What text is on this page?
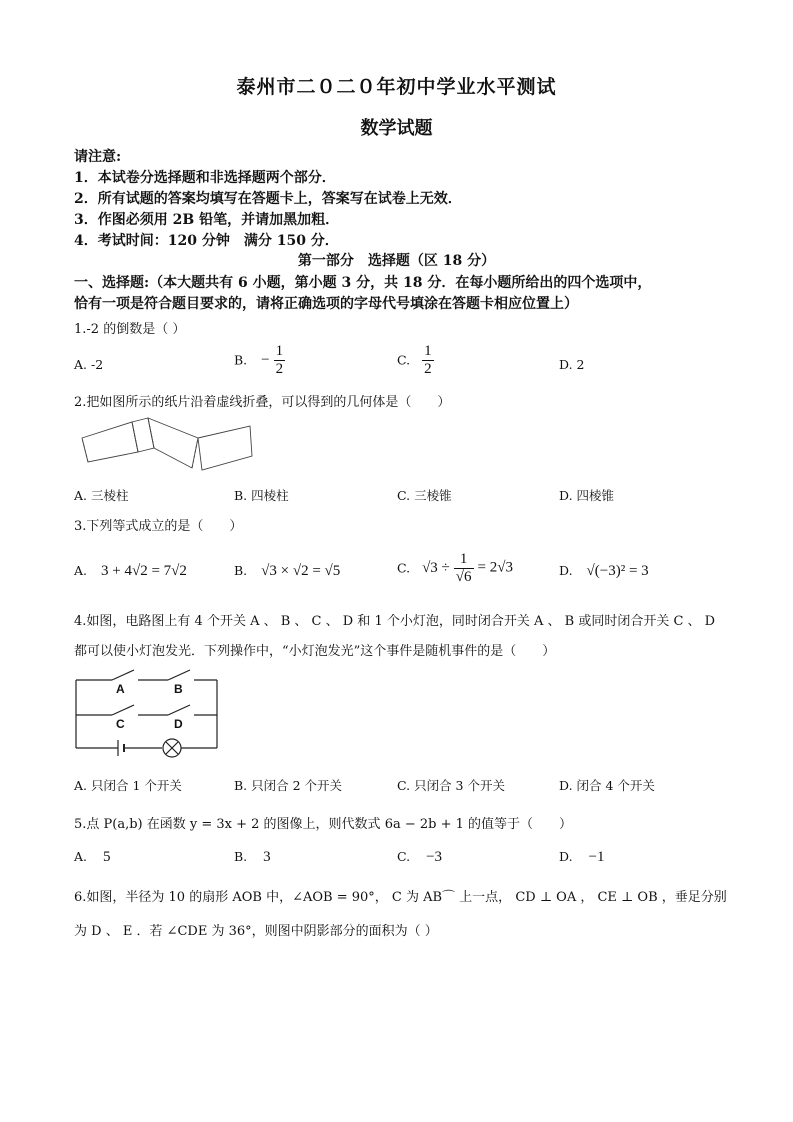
泰州市二０二０年初中学业水平测试
数学试题
请注意:
1．本试卷分选择题和非选择题两个部分．
2．所有试题的答案均填写在答题卡上，答案写在试卷上无效．
3．作图必须用 2B 铅笔，并请加黑加粗．
4．考试时间：120 分钟　满分 150 分．
第一部分　选择题（区 18 分）
一、选择题:（本大题共有 6 小题，第小题 3 分，共 18 分．在每小题所给出的四个选项中，
恰有一项是符合题目要求的，请将正确选项的字母代号填涂在答题卡相应位置上）
1.-2 的倒数是（ ）
A. -2	B. − $\frac{1}{2}$	C. $\frac{1}{2}$	D. 2
2.把如图所示的纸片沿着虚线折叠，可以得到的几何体是（　　）
A. 三棱柱	B. 四棱柱	C. 三棱锥	D. 四棱锥
3.下列等式成立的是（　　）
A. 3 + 4√2 = 7√2	B. √3 × √2 = √5	C. $√3 \div \frac{1}{√6} = 2√3$	D. √(−3)² = 3
4.如图，电路图上有 4 个开关 A 、 B 、 C 、 D 和 1 个小灯泡，同时闭合开关 A 、 B 或同时闭合开关 C 、 D
都可以使小灯泡发光．下列操作中，“小灯泡发光”这个事件是随机事件的是（　　）
A	B
C	D
A. 只闭合 1 个开关	B. 只闭合 2 个开关	C. 只闭合 3 个开关	D. 闭合 4 个开关
5.点 P(a,b) 在函数 y = 3x + 2 的图像上，则代数式 6a − 2b + 1 的值等于（　　）
A. 5	B. 3	C. −3	D. −1
6.如图，半径为 10 的扇形 AOB 中，∠AOB = 90°， C 为 AB⌒ 上一点， CD ⊥ OA ， CE ⊥ OB ，垂足分别
为 D 、 E ．若 ∠CDE 为 36°，则图中阴影部分的面积为（ ）
